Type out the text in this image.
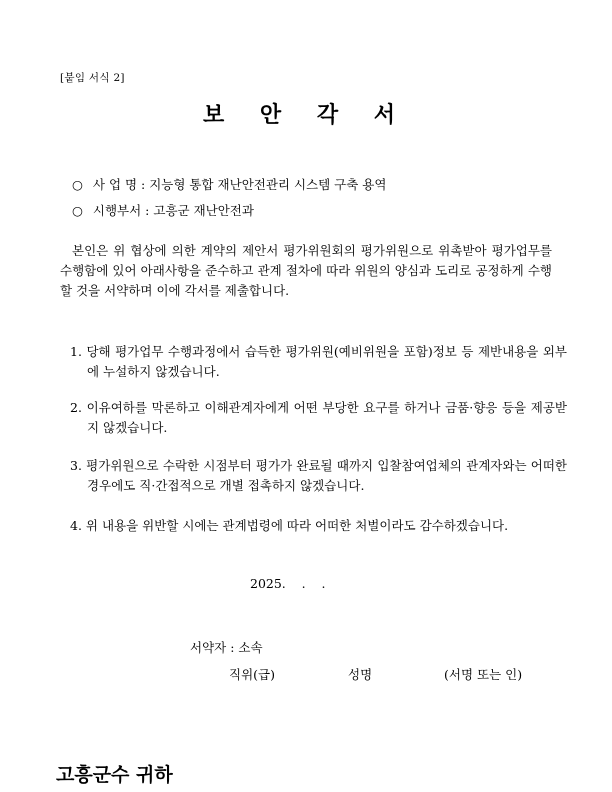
[붙임 서식 2]
보 안 각 서
○ 사 업 명 : 지능형 통합 재난안전관리 시스템 구축 용역
○ 시행부서 : 고흥군 재난안전과
본인은 위 협상에 의한 계약의 제안서 평가위원회의 평가위원으로 위촉받아 평가업무를 수행함에 있어 아래사항을 준수하고 관계 절차에 따라 위원의 양심과 도리로 공정하게 수행할 것을 서약하며 이에 각서를 제출합니다.
1. 당해 평가업무 수행과정에서 습득한 평가위원(예비위원을 포함)정보 등 제반내용을 외부에 누설하지 않겠습니다.
2. 이유여하를 막론하고 이해관계자에게 어떤 부당한 요구를 하거나 금품·향응 등을 제공받지 않겠습니다.
3. 평가위원으로 수락한 시점부터 평가가 완료될 때까지 입찰참여업체의 관계자와는 어떠한 경우에도 직·간접적으로 개별 접촉하지 않겠습니다.
4. 위 내용을 위반할 시에는 관계법령에 따라 어떠한 처벌이라도 감수하겠습니다.
2025.    .    .
서약자 : 소속
직위(급)	성명	(서명 또는 인)
고흥군수 귀하
